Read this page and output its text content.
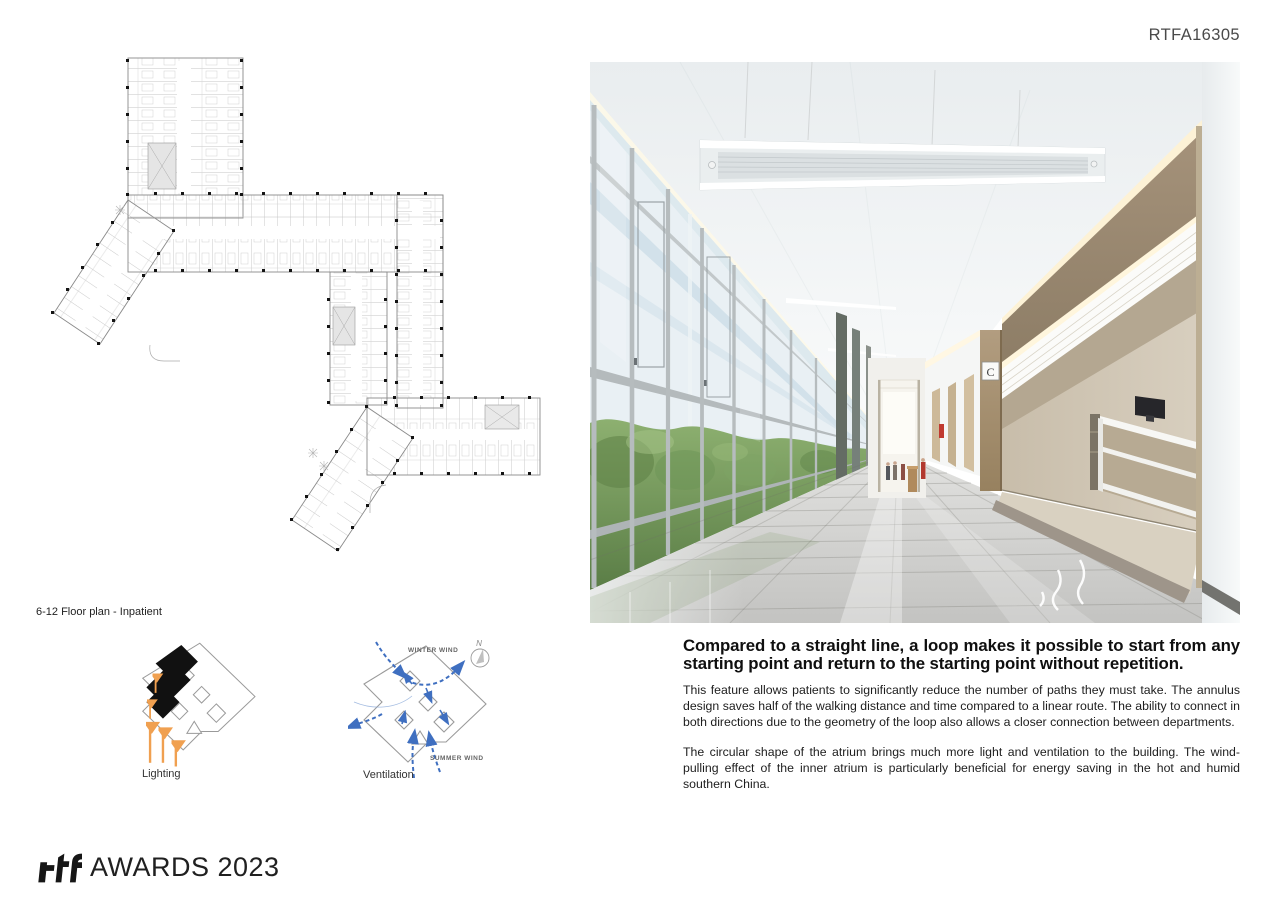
RTFA16305
6-12 Floor plan - Inpatient
C
Lighting
WINTER WIND
SUMMER WIND
N
Ventilation
Compared to a straight line, a loop makes it possible to start from any starting point and return to the starting point without repetition.

This feature allows patients to significantly reduce the number of paths they must take. The annulus design saves half of the walking distance and time compared to a linear route. The ability to connect in both directions due to the geometry of the loop also allows a closer connection between departments.

The circular shape of the atrium brings much more light and ventilation to the building. The wind-pulling effect of the inner atrium is particularly beneficial for energy saving in the hot and humid southern China.

AWARDS 2023
